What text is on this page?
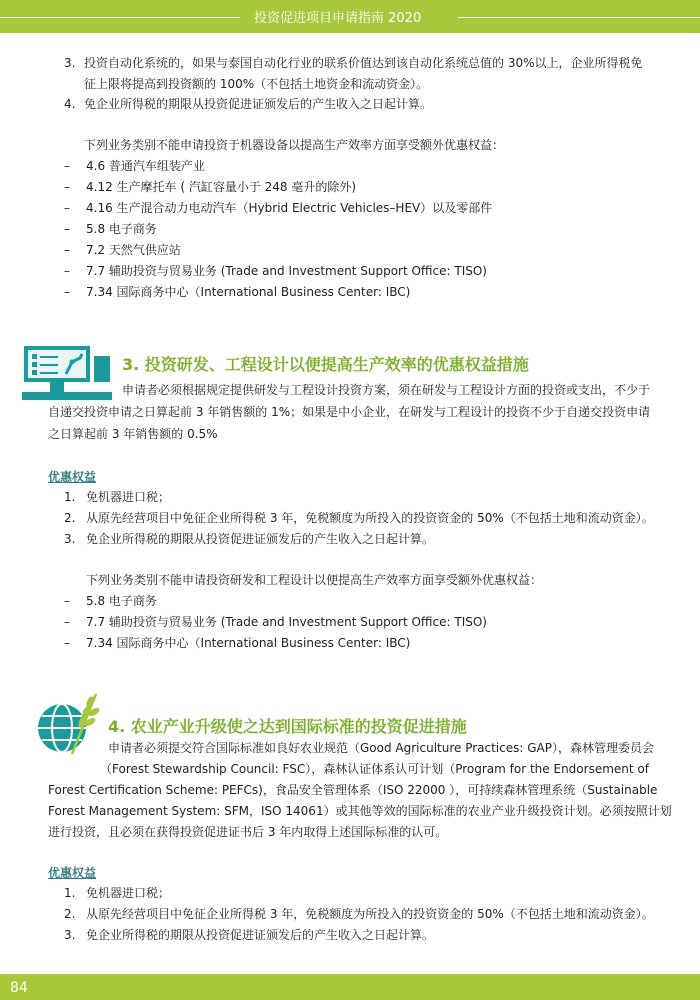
投资促进项目申请指南 2020
3. 投资自动化系统的，如果与泰国自动化行业的联系价值达到该自动化系统总值的 30%以上，企业所得税免
征上限将提高到投资额的 100%（不包括土地资金和流动资金）。
4. 免企业所得税的期限从投资促进证颁发后的产生收入之日起计算。
下列业务类别不能申请投资于机器设备以提高生产效率方面享受额外优惠权益：
– 4.6 普通汽车组装产业
– 4.12 生产摩托车 ( 汽缸容量小于 248 毫升的除外)
– 4.16 生产混合动力电动汽车（Hybrid Electric Vehicles–HEV）以及零部件
– 5.8 电子商务
– 7.2 天然气供应站
– 7.7 辅助投资与贸易业务 (Trade and Investment Support Office: TISO)
– 7.34 国际商务中心（International Business Center: IBC)
3. 投资研发、工程设计以便提高生产效率的优惠权益措施
申请者必须根据规定提供研发与工程设计投资方案，须在研发与工程设计方面的投资或支出，不少于
自递交投资申请之日算起前 3 年销售额的 1%；如果是中小企业，在研发与工程设计的投资不少于自递交投资申请
之日算起前 3 年销售额的 0.5%
优惠权益
1. 免机器进口税；
2. 从原先经营项目中免征企业所得税 3 年，免税额度为所投入的投资资金的 50%（不包括土地和流动资金）。
3. 免企业所得税的期限从投资促进证颁发后的产生收入之日起计算。
下列业务类别不能申请投资研发和工程设计以便提高生产效率方面享受额外优惠权益：
– 5.8 电子商务
– 7.7 辅助投资与贸易业务 (Trade and Investment Support Office: TISO)
– 7.34 国际商务中心（International Business Center: IBC)
4. 农业产业升级使之达到国际标准的投资促进措施
申请者必须提交符合国际标准如良好农业规范（Good Agriculture Practices: GAP），森林管理委员会
（Forest Stewardship Council: FSC），森林认证体系认可计划（Program for the Endorsement of
Forest Certification Scheme: PEFCs)，食品安全管理体系（ISO 22000 ），可持续森林管理系统（Sustainable
Forest Management System: SFM，ISO 14061）或其他等效的国际标准的农业产业升级投资计划。必须按照计划
进行投资，且必须在获得投资促进证书后 3 年内取得上述国际标准的认可。
优惠权益
1. 免机器进口税；
2. 从原先经营项目中免征企业所得税 3 年，免税额度为所投入的投资资金的 50%（不包括土地和流动资金）。
3. 免企业所得税的期限从投资促进证颁发后的产生收入之日起计算。
84
